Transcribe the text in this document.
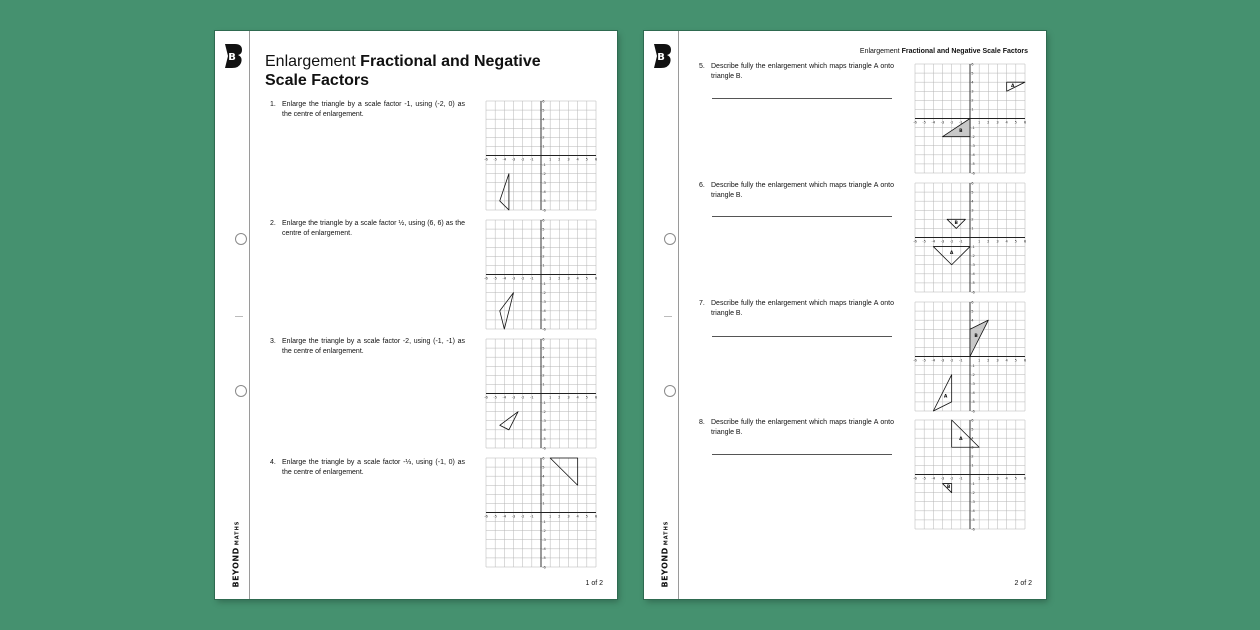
B
BEYONDMATHS
Enlargement Fractional and Negative Scale Factors
1. Enlarge the triangle by a scale factor -1, using (-2, 0) as the centre of enlargement.
-6
-6
-5
-5
-4
-4
-3
-3
-2
-2
-1
-1
1
1
2
2
3
3
4
4
5
5
6
6
2. Enlarge the triangle by a scale factor ½, using (6, 6) as the centre of enlargement.
-6
-6
-5
-5
-4
-4
-3
-3
-2
-2
-1
-1
1
1
2
2
3
3
4
4
5
5
6
6
3. Enlarge the triangle by a scale factor -2, using (-1, -1) as the centre of enlargement.
-6
-6
-5
-5
-4
-4
-3
-3
-2
-2
-1
-1
1
1
2
2
3
3
4
4
5
5
6
6
4. Enlarge the triangle by a scale factor -⅓, using (-1, 0) as the centre of enlargement.
-6
-6
-5
-5
-4
-4
-3
-3
-2
-2
-1
-1
1
1
2
2
3
3
4
4
5
5
6
6
1 of 2
B
BEYONDMATHS
Enlargement Fractional and Negative Scale Factors
5. Describe fully the enlargement which maps triangle A onto triangle B.
-6
-6
-5
-5
-4
-4
-3
-3
-2
-2
-1
-1
1
1
2
2
3
3
4
4
5
5
6
6
A
B
6. Describe fully the enlargement which maps triangle A onto triangle B.
-6
-6
-5
-5
-4
-4
-3
-3
-2
-2
-1
-1
1
1
2
2
3
3
4
4
5
5
6
6
B
A
7. Describe fully the enlargement which maps triangle A onto triangle B.
-6
-6
-5
-5
-4
-4
-3
-3
-2
-2
-1
-1
1 2 3 4
4
5
5
6
6
B
A
8. Describe fully the enlargement which maps triangle A onto triangle B.
-6
-6
-5
-5
-4
-4
-3
-3
-2
-2
-1
-1
1
1
2
2
3
3
4
4
5
5
6
6
A
B
2 of 2
